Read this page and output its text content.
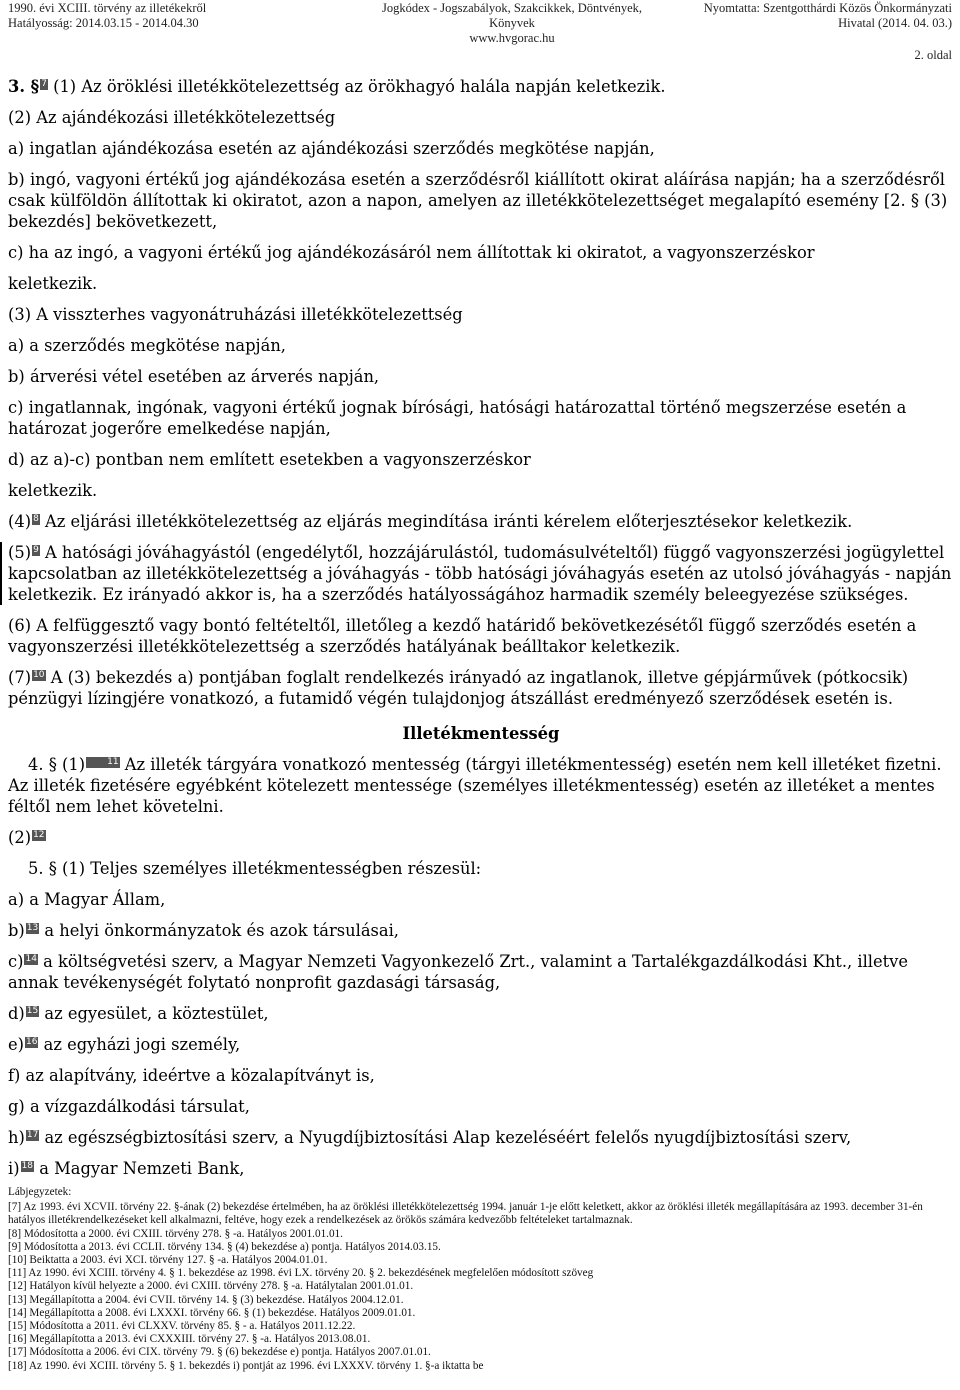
1990. évi XCIII. törvény az illetékekről
Hatályosság: 2014.03.15 - 2014.04.30
Jogkódex - Jogszabályok, Szakcikkek, Döntvények,
Könyvek
www.hvgorac.hu
Nyomtatta: Szentgotthárdi Közös Önkormányzati
Hivatal (2014. 04. 03.)
2. oldal

3. § 7 (1) Az öröklési illetékkötelezettség az örökhagyó halála napján keletkezik.

(2) Az ajándékozási illetékkötelezettség

a) ingatlan ajándékozása esetén az ajándékozási szerződés megkötése napján,

b) ingó, vagyoni értékű jog ajándékozása esetén a szerződésről kiállított okirat aláírása napján; ha a szerződésről csak külföldön állítottak ki okiratot, azon a napon, amelyen az illetékkötelezettséget megalapító esemény [2. § (3) bekezdés] bekövetkezett,

c) ha az ingó, a vagyoni értékű jog ajándékozásáról nem állítottak ki okiratot, a vagyonszerzéskor

keletkezik.

(3) A visszterhes vagyonátruházási illetékkötelezettség

a) a szerződés megkötése napján,

b) árverési vétel esetében az árverés napján,

c) ingatlannak, ingónak, vagyoni értékű jognak bírósági, hatósági határozattal történő megszerzése esetén a határozat jogerőre emelkedése napján,

d) az a)-c) pontban nem említett esetekben a vagyonszerzéskor

keletkezik.

(4) 8 Az eljárási illetékkötelezettség az eljárás megindítása iránti kérelem előterjesztésekor keletkezik.

(5) 9 A hatósági jóváhagyástól (engedélytől, hozzájárulástól, tudomásulvételtől) függő vagyonszerzési jogügylettel kapcsolatban az illetékkötelezettség a jóváhagyás - több hatósági jóváhagyás esetén az utolsó jóváhagyás - napján keletkezik. Ez irányadó akkor is, ha a szerződés hatályosságához harmadik személy beleegyezése szükséges.

(6) A felfüggesztő vagy bontó feltételtől, illetőleg a kezdő határidő bekövetkezésétől függő szerződés esetén a vagyonszerzési illetékkötelezettség a szerződés hatályának beálltakor keletkezik.

(7) 10 A (3) bekezdés a) pontjában foglalt rendelkezés irányadó az ingatlanok, illetve gépjárművek (pótkocsik) pénzügyi lízingjére vonatkozó, a futamidő végén tulajdonjog átszállást eredményező szerződések esetén is.

Illetékmentesség

4. § (1) 11 Az illeték tárgyára vonatkozó mentesség (tárgyi illetékmentesség) esetén nem kell illetéket fizetni. Az illeték fizetésére egyébként kötelezett mentessége (személyes illetékmentesség) esetén az illetéket a mentes féltől nem lehet követelni.

(2) 12

5. § (1) Teljes személyes illetékmentességben részesül:

a) a Magyar Állam,

b) 13 a helyi önkormányzatok és azok társulásai,

c) 14 a költségvetési szerv, a Magyar Nemzeti Vagyonkezelő Zrt., valamint a Tartalékgazdálkodási Kht., illetve annak tevékenységét folytató nonprofit gazdasági társaság,

d) 15 az egyesület, a köztestület,

e) 16 az egyházi jogi személy,

f) az alapítvány, ideértve a közalapítványt is,

g) a vízgazdálkodási társulat,

h) 17 az egészségbiztosítási szerv, a Nyugdíjbiztosítási Alap kezeléséért felelős nyugdíjbiztosítási szerv,

i) 18 a Magyar Nemzeti Bank,

Lábjegyzetek:
[7] Az 1993. évi XCVII. törvény 22. §-ának (2) bekezdése értelmében, ha az öröklési illetékkötelezettség 1994. január 1-je előtt keletkett, akkor az öröklési illeték megállapítására az 1993. december 31-én hatályos illetékrendelkezéseket kell alkalmazni, feltéve, hogy ezek a rendelkezések az örökös számára kedvezőbb feltételeket tartalmaznak.
[8] Módosította a 2000. évi CXIII. törvény 278. § -a. Hatályos 2001.01.01.
[9] Módosította a 2013. évi CCLII. törvény 134. § (4) bekezdése a) pontja. Hatályos 2014.03.15.
[10] Beiktatta a 2003. évi XCI. törvény 127. § -a. Hatályos 2004.01.01.
[11] Az 1990. évi XCIII. törvény 4. § 1. bekezdése az 1998. évi LX. törvény 20. § 2. bekezdésének megfelelően módosított szöveg
[12] Hatályon kívül helyezte a 2000. évi CXIII. törvény 278. § -a. Hatálytalan 2001.01.01.
[13] Megállapította a 2004. évi CVII. törvény 14. § (3) bekezdése. Hatályos 2004.12.01.
[14] Megállapította a 2008. évi LXXXI. törvény 66. § (1) bekezdése. Hatályos 2009.01.01.
[15] Módosította a 2011. évi CLXXV. törvény 85. § - a. Hatályos 2011.12.22.
[16] Megállapította a 2013. évi CXXXIII. törvény 27. § -a. Hatályos 2013.08.01.
[17] Módosította a 2006. évi CIX. törvény 79. § (6) bekezdése e) pontja. Hatályos 2007.01.01.
[18] Az 1990. évi XCIII. törvény 5. § 1. bekezdés i) pontját az 1996. évi LXXXV. törvény 1. §-a iktatta be
